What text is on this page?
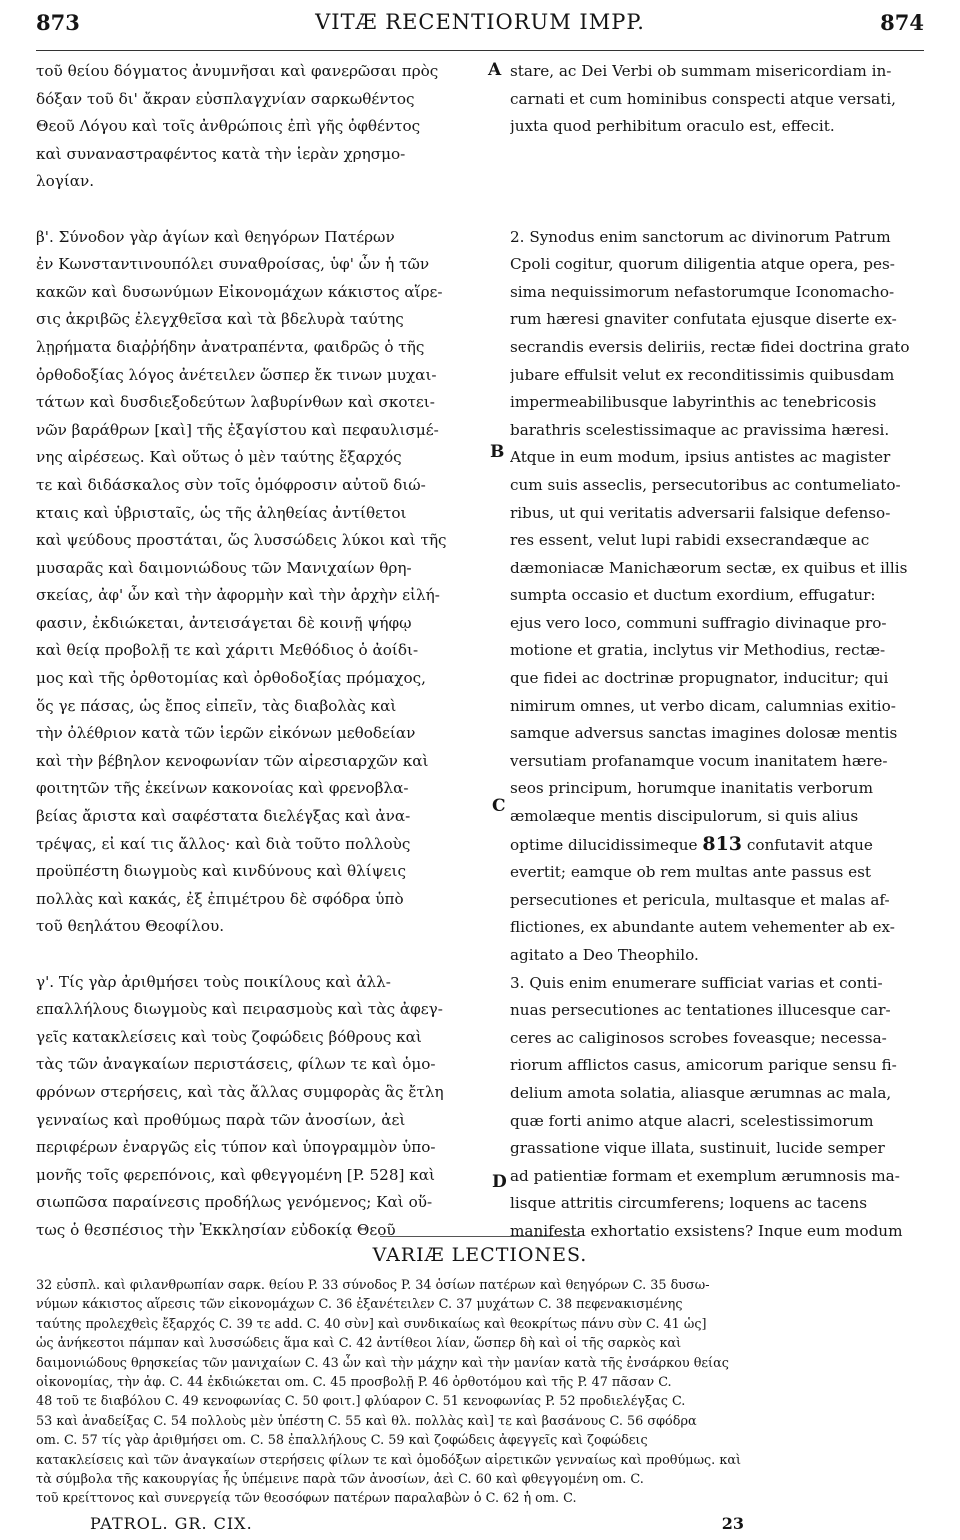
873	VITÆ RECENTIORUM IMPP.	874
τοῦ θείου δόγματος ἀνυμνῆσαι καὶ φανερῶσαι πρὸς
δόξαν τοῦ δι' ἄκραν εὐσπλαγχνίαν σαρκωθέντος
Θεοῦ Λόγου καὶ τοῖς ἀνθρώποις ἐπὶ γῆς ὀφθέντος
καὶ συναναστραφέντος κατὰ τὴν ἱερὰν χρησμο-
λογίαν.

β'. Σύνοδον γὰρ ἁγίων καὶ θεηγόρων Πατέρων
ἐν Κωνσταντινουπόλει συναθροίσας, ὑφ' ὧν ἡ τῶν
κακῶν καὶ δυσωνύμων Εἰκονομάχων κάκιστος αἵρε-
σις ἀκριβῶς ἐλεγχθεῖσα καὶ τὰ βδελυρὰ ταύτης
λῃρήματα διαῤῥήδην ἀνατραπέντα, φαιδρῶς ὁ τῆς
ὀρθοδοξίας λόγος ἀνέτειλεν ὥσπερ ἔκ τινων μυχαι-
τάτων καὶ δυσδιεξοδεύτων λαβυρίνθων καὶ σκοτει-
νῶν βαράθρων [καὶ] τῆς ἐξαγίστου καὶ πεφαυλισμέ-
νης αἱρέσεως. Καὶ οὕτως ὁ μὲν ταύτης ἔξαρχός
τε καὶ διδάσκαλος σὺν τοῖς ὁμόφροσιν αὐτοῦ διώ-
κταις καὶ ὑβρισταῖς, ὡς τῆς ἀληθείας ἀντίθετοι
καὶ ψεύδους προστάται, ὥς λυσσώδεις λύκοι καὶ τῆς
μυσαρᾶς καὶ δαιμονιώδους τῶν Μανιχαίων θρη-
σκείας, ἀφ' ὧν καὶ τὴν ἀφορμὴν καὶ τὴν ἀρχὴν εἰλή-
φασιν, ἐκδιώκεται, ἀντεισάγεται δὲ κοινῇ ψήφῳ
καὶ θείᾳ προβολῇ τε καὶ χάριτι Μεθόδιος ὁ ἀοίδι-
μος καὶ τῆς ὀρθοτομίας καὶ ὀρθοδοξίας πρόμαχος,
ὅς γε πάσας, ὡς ἔπος εἰπεῖν, τὰς διαβολὰς καὶ
τὴν ὀλέθριον κατὰ τῶν ἱερῶν εἰκόνων μεθοδείαν
καὶ τὴν βέβηλον κενοφωνίαν τῶν αἱρεσιαρχῶν καὶ
φοιτητῶν τῆς ἐκείνων κακονοίας καὶ φρενοβλα-
βείας ἄριστα καὶ σαφέστατα διελέγξας καὶ ἀνα-
τρέψας, εἰ καί τις ἄλλος· καὶ διὰ τοῦτο πολλοὺς
προϋπέστη διωγμοὺς καὶ κινδύνους καὶ θλίψεις
πολλὰς καὶ κακάς, ἐξ ἐπιμέτρου δὲ σφόδρα ὑπὸ
τοῦ θεηλάτου Θεοφίλου.

γ'. Τίς γὰρ ἀριθμήσει τοὺς ποικίλους καὶ ἀλλ-
επαλλήλους διωγμοὺς καὶ πειρασμοὺς καὶ τὰς ἀφεγ-
γεῖς κατακλείσεις καὶ τοὺς ζοφώδεις βόθρους καὶ
τὰς τῶν ἀναγκαίων περιστάσεις, φίλων τε καὶ ὁμο-
φρόνων στερήσεις, καὶ τὰς ἄλλας συμφορὰς ἃς ἔτλη
γενναίως καὶ προθύμως παρὰ τῶν ἀνοσίων, ἀεὶ
περιφέρων ἐναργῶς εἰς τύπον καὶ ὑπογραμμὸν ὑπο-
μονῆς τοῖς φερεπόνοις, καὶ φθεγγομένη [P. 528] καὶ
σιωπῶσα παραίνεσις προδήλως γενόμενος; Καὶ οὕ-
τως ὁ θεσπέσιος τὴν Ἐκκλησίαν εὐδοκίᾳ Θεοῦ
stare, ac Dei Verbi ob summam misericordiam in-
carnati et cum hominibus conspecti atque versati,
juxta quod perhibitum oraculo est, effecit.

2. Synodus enim sanctorum ac divinorum Patrum
Cpoli cogitur, quorum diligentia atque opera, pes-
sima nequissimorum nefastorumque Iconomacho-
rum hæresi gnaviter confutata ejusque diserte ex-
secrandis eversis deliriis, rectæ fidei doctrina grato
jubare effulsit velut ex reconditissimis quibusdam
impermeabilibusque labyrinthis ac tenebricosis
barathris scelestissimaque ac pravissima hæresi.
Atque in eum modum, ipsius antistes ac magister
cum suis asseclis, persecutoribus ac contumeliato-
ribus, ut qui veritatis adversarii falsique defenso-
res essent, velut lupi rabidi exsecrandæque ac
dæmoniacæ Manichæorum sectæ, ex quibus et illis
sumpta occasio et ductum exordium, effugatur:
ejus vero loco, communi suffragio divinaque pro-
motione et gratia, inclytus vir Methodius, rectæ-
que fidei ac doctrinæ propugnator, inducitur; qui
nimirum omnes, ut verbo dicam, calumnias exitio-
samque adversus sanctas imagines dolosæ mentis
versutiam profanamque vocum inanitatem hære-
seos principum, horumque inanitatis verborum
æmolæque mentis discipulorum, si quis alius
optime dilucidissimeque 813 confutavit atque
evertit; eamque ob rem multas ante passus est
persecutiones et pericula, multasque et malas af-
flictiones, ex abundante autem vehementer ab ex-
agitato a Deo Theophilo.
3. Quis enim enumerare sufficiat varias et conti-
nuas persecutiones ac tentationes illucesque car-
ceres ac caliginosos scrobes foveasque; necessa-
riorum afflictos casus, amicorum parique sensu fi-
delium amota solatia, aliasque ærumnas ac mala,
quæ forti animo atque alacri, scelestissimorum
grassatione vique illata, sustinuit, lucide semper
ad patientiæ formam et exemplum ærumnosis ma-
lisque attritis circumferens; loquens ac tacens
manifesta exhortatio exsistens? Inque eum modum
A
B
C
D
VARIÆ LECTIONES.
32 εὐσπλ. καὶ φιλανθρωπίαν σαρκ. θείου P. 33 σύνοδος P. 34 ὁσίων πατέρων καὶ θεηγόρων C. 35 δυσω-
νύμων κάκιστος αἵρεσις τῶν εἰκονομάχων C. 36 ἐξανέτειλεν C. 37 μυχάτων C. 38 πεφενακισμένης
ταύτης προλεχθεὶς ἔξαρχός C. 39 τε add. C. 40 σὺν] καὶ συνδικαίως καὶ θεοκρίτως πάνυ σὺν C. 41 ὡς]
ὡς ἀνήκεστοι πάμπαν καὶ λυσσώδεις ἅμα καὶ C. 42 ἀντίθεοι λίαν, ὥσπερ δὴ καὶ οἱ τῆς σαρκὸς καὶ
δαιμονιώδους θρησκείας τῶν μανιχαίων C. 43 ὧν καὶ τὴν μάχην καὶ τὴν μανίαν κατὰ τῆς ἐνσάρκου θείας
οἰκονομίας, τὴν ἀφ. C. 44 ἐκδιώκεται om. C. 45 προσβολῇ P. 46 ὀρθοτόμου καὶ τῆς P. 47 πᾶσαν C.
48 τοῦ τε διαβόλου C. 49 κενοφωνίας C. 50 φοιτ.] φλύαρον C. 51 κενοφωνίας P. 52 προδιελέγξας C.
53 καὶ ἀναδείξας C. 54 πολλοὺς μὲν ὑπέστη C. 55 καὶ θλ. πολλὰς καὶ] τε καὶ βασάνους C. 56 σφόδρα
om. C. 57 τίς γὰρ ἀριθμήσει om. C. 58 ἐπαλλήλους C. 59 καὶ ζοφώδεις ἀφεγγεῖς καὶ ζοφώδεις
κατακλείσεις καὶ τῶν ἀναγκαίων στερήσεις φίλων τε καὶ ὁμοδόξων αἱρετικῶν γενναίως καὶ προθύμως. καὶ
τὰ σύμβολα τῆς κακουργίας ἧς ὑπέμεινε παρὰ τῶν ἀνοσίων, ἀεὶ C. 60 καὶ φθεγγομένη om. C.
τοῦ κρείττονος καὶ συνεργείᾳ τῶν θεοσόφων πατέρων παραλαβὼν ὁ C. 62 ἡ om. C.
PATROL. GR. CIX.	23
